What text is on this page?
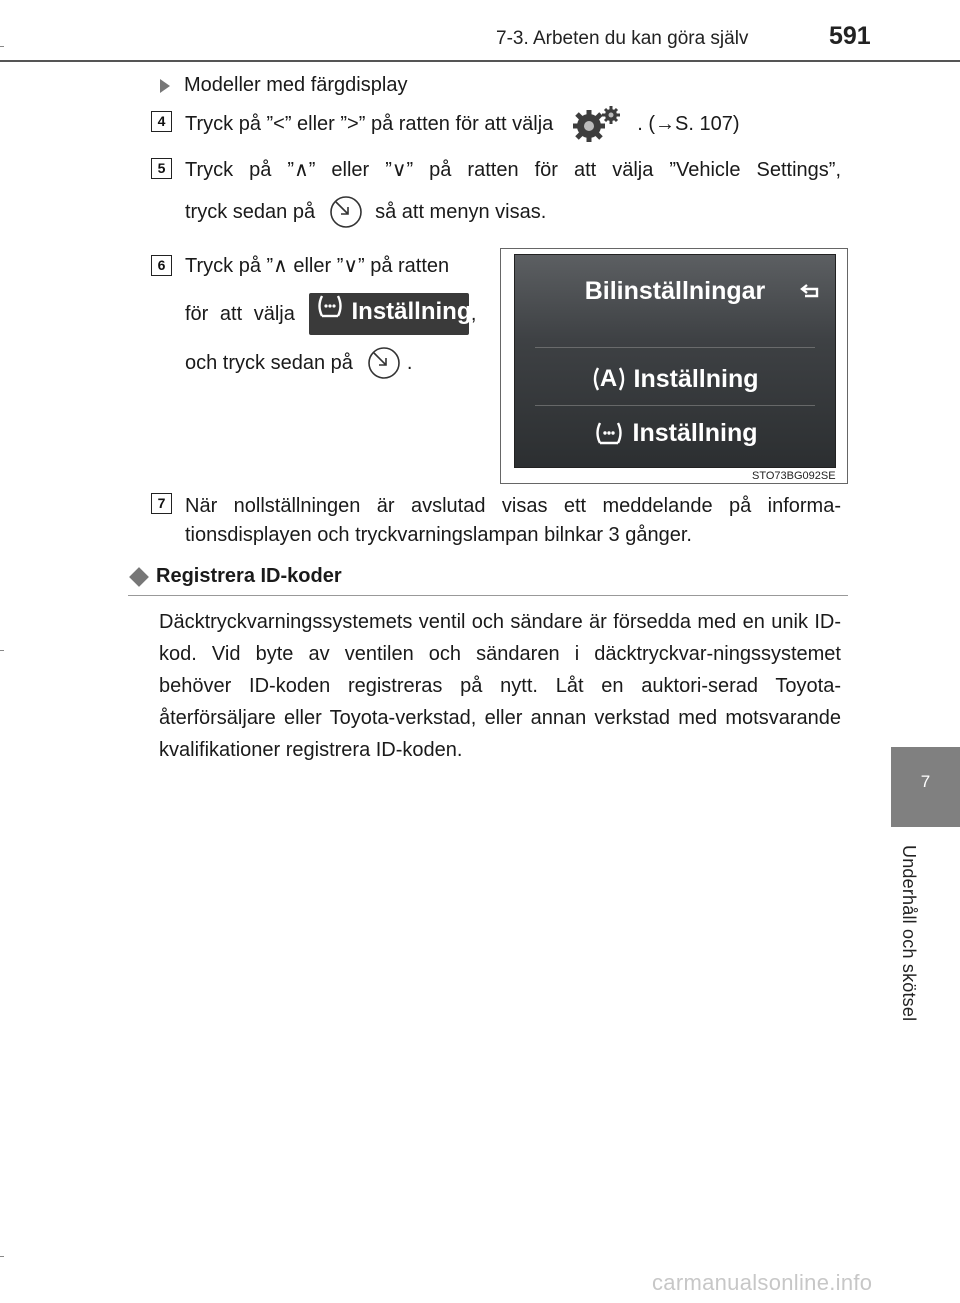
7-3. Arbeten du kan göra själv	591
7
Underhåll och skötsel
Modeller med färgdisplay
4 Tryck på ”<” eller ”>” på ratten för att välja	. (→S. 107)
5 Tryck på ”∧” eller ”∨” på ratten för att välja ”Vehicle Settings”,
tryck sedan på	så att menyn visas.
6 Tryck på ”∧ eller ”∨” på ratten
för att välja	Inställning ,
och tryck sedan på	.
Bilinställningar
A Inställning
Inställning
STO73BG092SE
7 När nollställningen är avslutad visas ett meddelande på informa-tionsdisplayen och tryckvarningslampan bilnkar 3 gånger.
Registrera ID-koder
Däcktryckvarningssystemets ventil och sändare är försedda med en unik ID-kod. Vid byte av ventilen och sändaren i däcktryckvar-ningssystemet behöver ID-koden registreras på nytt. Låt en auktori-serad Toyota-återförsäljare eller Toyota-verkstad, eller annan verkstad med motsvarande kvalifikationer registrera ID-koden.
carmanualsonline.info
